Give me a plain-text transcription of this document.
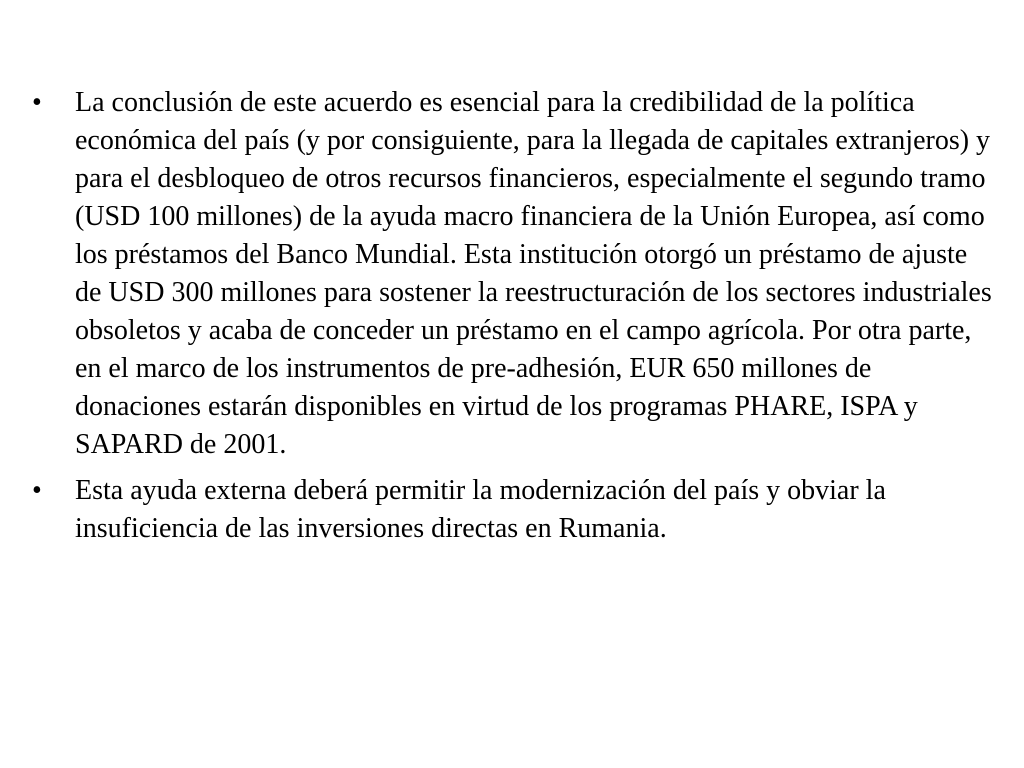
• La conclusión de este acuerdo es esencial para la credibilidad de la política económica del país (y por consiguiente, para la llegada de capitales extranjeros) y para el desbloqueo de otros recursos financieros, especialmente el segundo tramo (USD 100 millones) de la ayuda macro financiera de la Unión Europea, así como los préstamos del Banco Mundial. Esta institución otorgó un préstamo de ajuste de USD 300 millones para sostener la reestructuración de los sectores industriales obsoletos y acaba de conceder un préstamo en el campo agrícola. Por otra parte, en el marco de los instrumentos de pre-adhesión, EUR 650 millones de donaciones estarán disponibles en virtud de los programas PHARE, ISPA y SAPARD de 2001.
• Esta ayuda externa deberá permitir la modernización del país y obviar la insuficiencia de las inversiones directas en Rumania.
